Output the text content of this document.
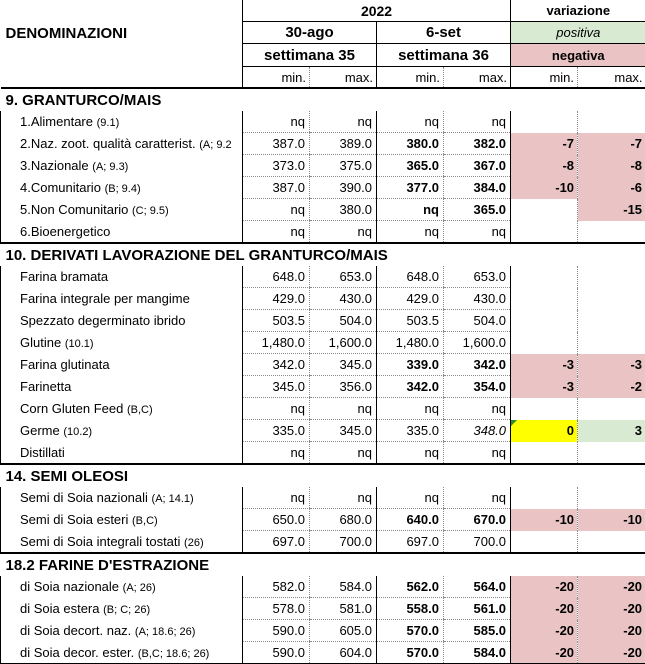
DENOMINAZIONI	2022				variazione	
	30-ago		6-set		positiva	
	settimana 35		settimana 36		negativa	
	min.	max.	min.	max.	min.	max.
9. GRANTURCO/MAIS						
1.Alimentare (9.1)	nq	nq	nq	nq		
2.Naz. zoot. qualità caratterist. (A; 9.2	387.0	389.0	380.0	382.0	-7	-7
3.Nazionale (A; 9.3)	373.0	375.0	365.0	367.0	-8	-8
4.Comunitario (B; 9.4)	387.0	390.0	377.0	384.0	-10	-6
5.Non Comunitario (C; 9.5)	nq	380.0	nq	365.0		-15
6.Bioenergetico	nq	nq	nq	nq		
10. DERIVATI LAVORAZIONE DEL GRANTURCO/MAIS						
Farina bramata	648.0	653.0	648.0	653.0		
Farina integrale per mangime	429.0	430.0	429.0	430.0		
Spezzato degerminato ibrido	503.5	504.0	503.5	504.0		
Glutine (10.1)	1,480.0	1,600.0	1,480.0	1,600.0		
Farina glutinata	342.0	345.0	339.0	342.0	-3	-3
Farinetta	345.0	356.0	342.0	354.0	-3	-2
Corn Gluten Feed (B,C)	nq	nq	nq	nq		
Germe (10.2)	335.0	345.0	335.0	348.0	0	3
Distillati	nq	nq	nq	nq		
14. SEMI OLEOSI						
Semi di Soia nazionali (A; 14.1)	nq	nq	nq	nq		
Semi di Soia esteri (B,C)	650.0	680.0	640.0	670.0	-10	-10
Semi di Soia integrali tostati (26)	697.0	700.0	697.0	700.0		
18.2 FARINE D'ESTRAZIONE						
di Soia nazionale (A; 26)	582.0	584.0	562.0	564.0	-20	-20
di Soia estera (B; C; 26)	578.0	581.0	558.0	561.0	-20	-20
di Soia decort. naz. (A; 18.6; 26)	590.0	605.0	570.0	585.0	-20	-20
di Soia decor. ester. (B,C; 18.6; 26)	590.0	604.0	570.0	584.0	-20	-20
